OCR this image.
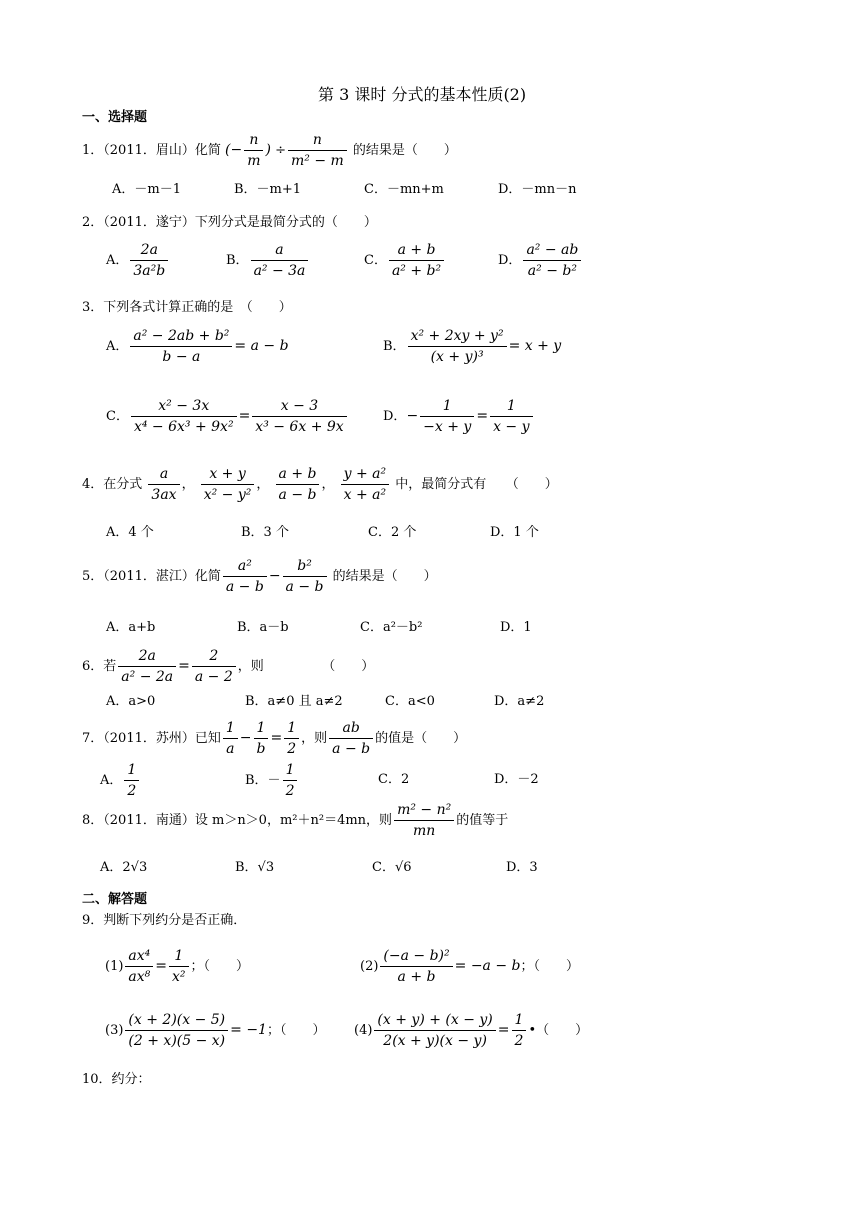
第 3 课时 分式的基本性质(2)
一、选择题
1．（2011．眉山）化简 (− $\frac{n}{m}$ ) ÷ $\frac{n}{\text{m² − m}}$ 的结果是（　　）
A．－m－1	B．－m+1	C．－mn+m	D．－mn－n
2．（2011．遂宁）下列分式是最简分式的（　　）
A． $\frac{2a}{\text{3a²b}}$	B． $\frac{a}{\text{a² − 3a}}$	C． $\frac{a + b}{\text{a² + b²}}$	D． $\frac{\text{a² − ab}}{\text{a² − b²}}$
3．下列各式计算正确的是　（　　）
A． $\frac{\text{a² − 2ab + b²}}{b - a} = a - b$	B． $\frac{\text{x² + 2xy + y²}}{\text{(x + y)³}} = x + y$
C． $\frac{\text{x² − 3x}}{\text{x⁴ − 6x³ + 9x²}} = \frac{x - 3}{\text{x³ − 6x + 9x}}$	D．− $\frac{1}{-x + y} = \frac{1}{x - y}$
4．在分式 $\frac{a}{3ax}$ ， $\frac{x + y}{\text{x² − y²}}$ ， $\frac{a + b}{a - b}$ ， $\frac{\text{y + a²}}{\text{x + a²}}$ 中，最简分式有　　（　　）
A．4 个	B．3 个	C．2 个	D．1 个
5．（2011．湛江）化简 $\frac{\text{a²}}{a - b} - \frac{\text{b²}}{a - b}$ 的结果是（　　）
A．a+b	B．a－b	C．a²－b²	D．1
6．若 $\frac{2a}{\text{a² − 2a}} = \frac{2}{a - 2}$ ，则　　　　　（　　）
A．a>0	B．a≠0 且 a≠2	C．a<0	D．a≠2
7．（2011．苏州）已知 $\frac{1}{a} - \frac{1}{b} = \frac{1}{2}$ ，则 $\frac{ab}{a - b}$ 的值是（　　）
A． $\frac{1}{2}$	B．－ $\frac{1}{2}$	C．2	D．－2
8．（2011．南通）设 m＞n＞0，m²＋n²＝4mn，则 $\frac{\text{m² − n²}}{mn}$ 的值等于
A．2√3	B．√3	C．√6	D．3
二、解答题
9．判断下列约分是否正确．
$(1) \frac{\text{ax⁴}}{\text{ax⁸}} = \frac{1}{\text{x²}}$ ；（　　）	$(2) \frac{\text{(−a − b)²}}{a + b} = -a - b$；（　　）
$(3) \frac{(x + 2)(x - 5)}{(2 + x)(5 - x)} = -1$；（　　） $(4) \frac{(x + y) + (x - y)}{2(x + y)(x - y)} = \frac{1}{2}$ •（　　）
10．约分：
